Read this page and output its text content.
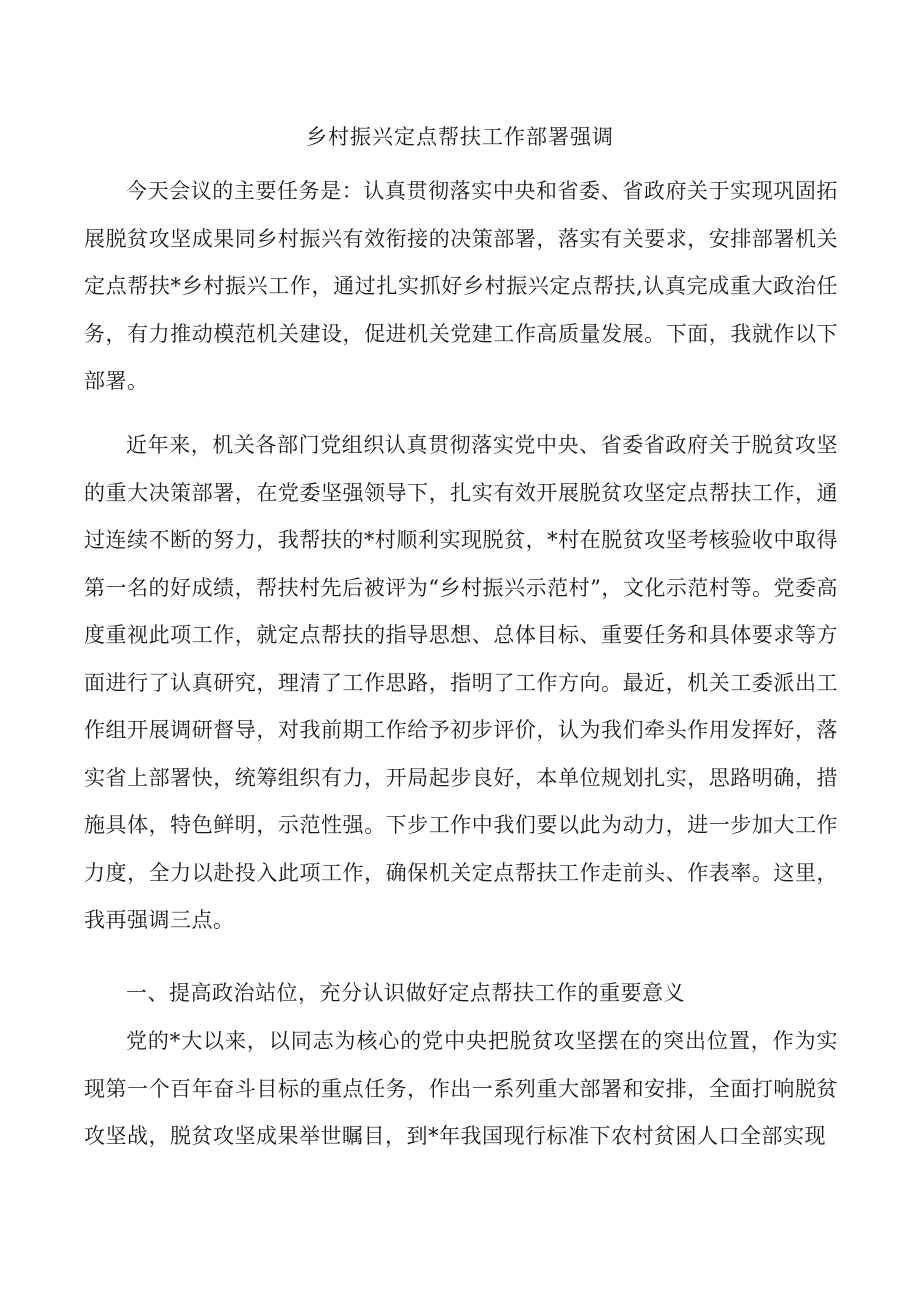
乡村振兴定点帮扶工作部署强调

今天会议的主要任务是：认真贯彻落实中央和省委、省政府关于实现巩固拓展脱贫攻坚成果同乡村振兴有效衔接的决策部署，落实有关要求，安排部署机关定点帮扶*乡村振兴工作，通过扎实抓好乡村振兴定点帮扶,认真完成重大政治任务，有力推动模范机关建设，促进机关党建工作高质量发展。下面，我就作以下部署。

近年来，机关各部门党组织认真贯彻落实党中央、省委省政府关于脱贫攻坚的重大决策部署，在党委坚强领导下，扎实有效开展脱贫攻坚定点帮扶工作，通过连续不断的努力，我帮扶的*村顺利实现脱贫，*村在脱贫攻坚考核验收中取得第一名的好成绩，帮扶村先后被评为“乡村振兴示范村”，文化示范村等。党委高度重视此项工作，就定点帮扶的指导思想、总体目标、重要任务和具体要求等方面进行了认真研究，理清了工作思路，指明了工作方向。最近，机关工委派出工作组开展调研督导，对我前期工作给予初步评价，认为我们牵头作用发挥好，落实省上部署快，统筹组织有力，开局起步良好，本单位规划扎实，思路明确，措施具体，特色鲜明，示范性强。下步工作中我们要以此为动力，进一步加大工作力度，全力以赴投入此项工作，确保机关定点帮扶工作走前头、作表率。这里，我再强调三点。

一、提高政治站位，充分认识做好定点帮扶工作的重要意义

党的*大以来，以同志为核心的党中央把脱贫攻坚摆在的突出位置，作为实现第一个百年奋斗目标的重点任务，作出一系列重大部署和安排，全面打响脱贫攻坚战，脱贫攻坚成果举世瞩目，到*年我国现行标准下农村贫困人口全部实现
